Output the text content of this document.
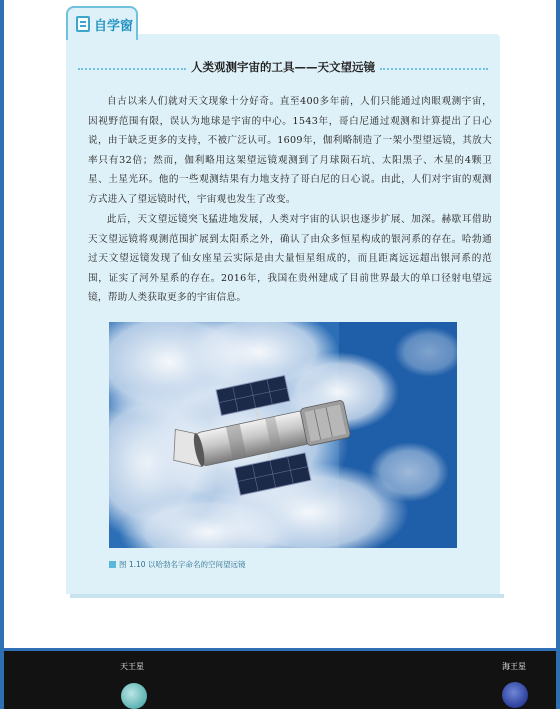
自学窗
人类观测宇宙的工具——天文望远镜

自古以来人们就对天文现象十分好奇。直至400多年前，人们只能通过肉眼观测宇宙，因视野范围有限，误认为地球是宇宙的中心。1543年，哥白尼通过观测和计算提出了日心说，由于缺乏更多的支持，不被广泛认可。1609年，伽利略制造了一架小型望远镜，其放大率只有32倍；然而，伽利略用这架望远镜观测到了月球陨石坑、太阳黑子、木星的4颗卫星、土星光环。他的一些观测结果有力地支持了哥白尼的日心说。由此，人们对宇宙的观测方式进入了望远镜时代，宇宙观也发生了改变。

此后，天文望远镜突飞猛进地发展，人类对宇宙的认识也逐步扩展、加深。赫歇耳借助天文望远镜将观测范围扩展到太阳系之外，确认了由众多恒星构成的银河系的存在。哈勃通过天文望远镜发现了仙女座星云实际是由大量恒星组成的，而且距离远远超出银河系的范围，证实了河外星系的存在。2016年，我国在贵州建成了目前世界最大的单口径射电望远镜，帮助人类获取更多的宇宙信息。

图 1.10 以哈勃名字命名的空间望远镜
天王星	海王星
